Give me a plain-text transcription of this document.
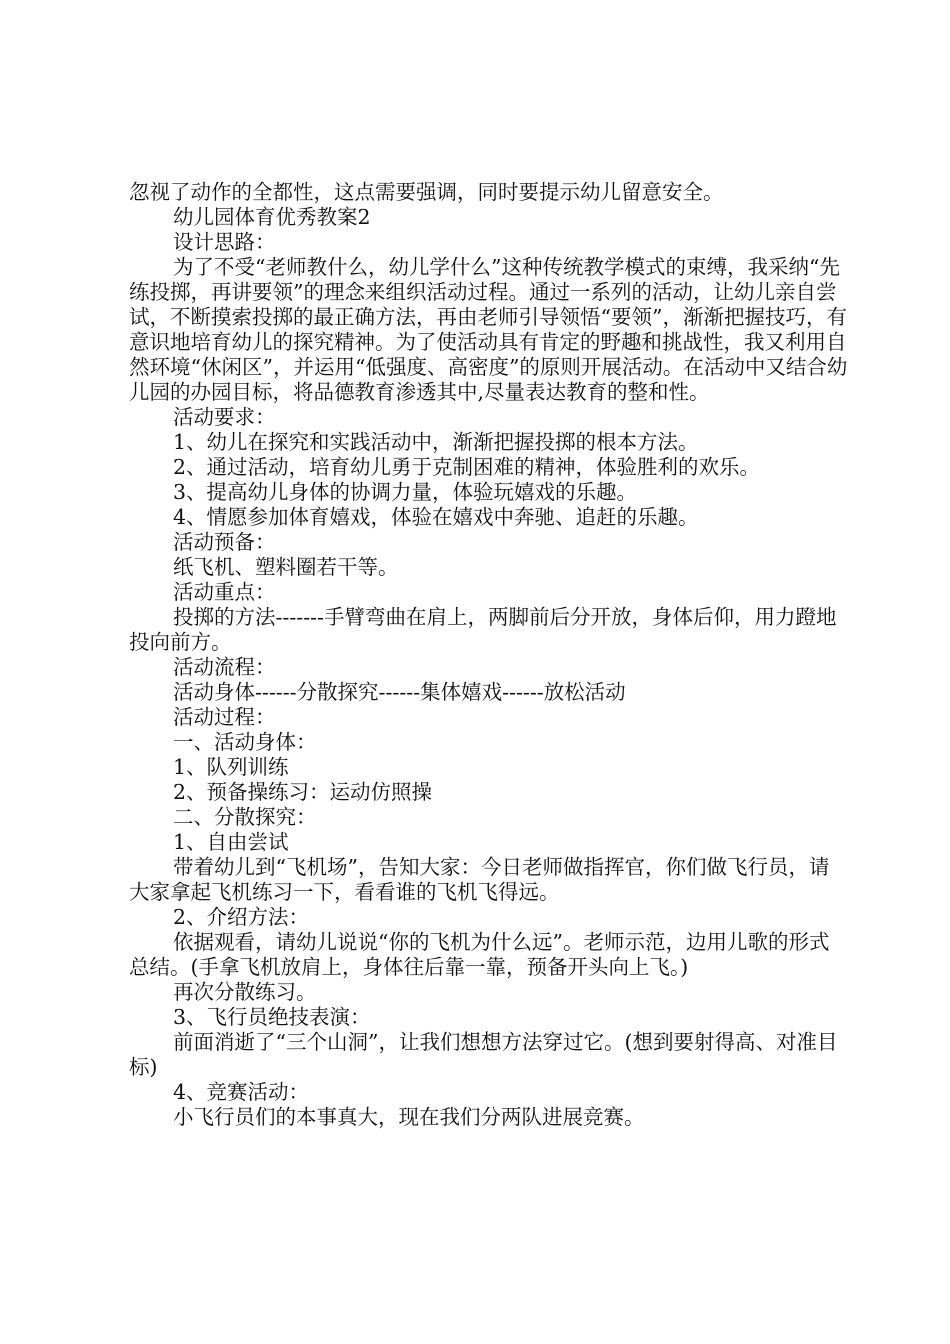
忽视了动作的全都性，这点需要强调，同时要提示幼儿留意安全。

幼儿园体育优秀教案2

设计思路：

为了不受“老师教什么，幼儿学什么”这种传统教学模式的束缚，我采纳“先练投掷，再讲要领”的理念来组织活动过程。通过一系列的活动，让幼儿亲自尝试，不断摸索投掷的最正确方法，再由老师引导领悟“要领”，渐渐把握技巧，有意识地培育幼儿的探究精神。为了使活动具有肯定的野趣和挑战性，我又利用自然环境“休闲区”，并运用“低强度、高密度”的原则开展活动。在活动中又结合幼儿园的办园目标，将品德教育渗透其中,尽量表达教育的整和性。

活动要求：

1、幼儿在探究和实践活动中，渐渐把握投掷的根本方法。

2、通过活动，培育幼儿勇于克制困难的精神，体验胜利的欢乐。

3、提高幼儿身体的协调力量，体验玩嬉戏的乐趣。

4、情愿参加体育嬉戏，体验在嬉戏中奔驰、追赶的乐趣。

活动预备：

纸飞机、塑料圈若干等。

活动重点：

投掷的方法-------手臂弯曲在肩上，两脚前后分开放，身体后仰，用力蹬地投向前方。

活动流程：

活动身体------分散探究------集体嬉戏------放松活动

活动过程：

一、活动身体：

1、队列训练

2、预备操练习：运动仿照操

二、分散探究：

1、自由尝试

带着幼儿到“飞机场”，告知大家：今日老师做指挥官，你们做飞行员，请大家拿起飞机练习一下，看看谁的飞机飞得远。

2、介绍方法：

依据观看，请幼儿说说“你的飞机为什么远”。老师示范，边用儿歌的形式总结。(手拿飞机放肩上，身体往后靠一靠，预备开头向上飞。)

再次分散练习。

3、飞行员绝技表演：

前面消逝了“三个山洞”，让我们想想方法穿过它。(想到要射得高、对准目标)

4、竞赛活动：

小飞行员们的本事真大，现在我们分两队进展竞赛。
